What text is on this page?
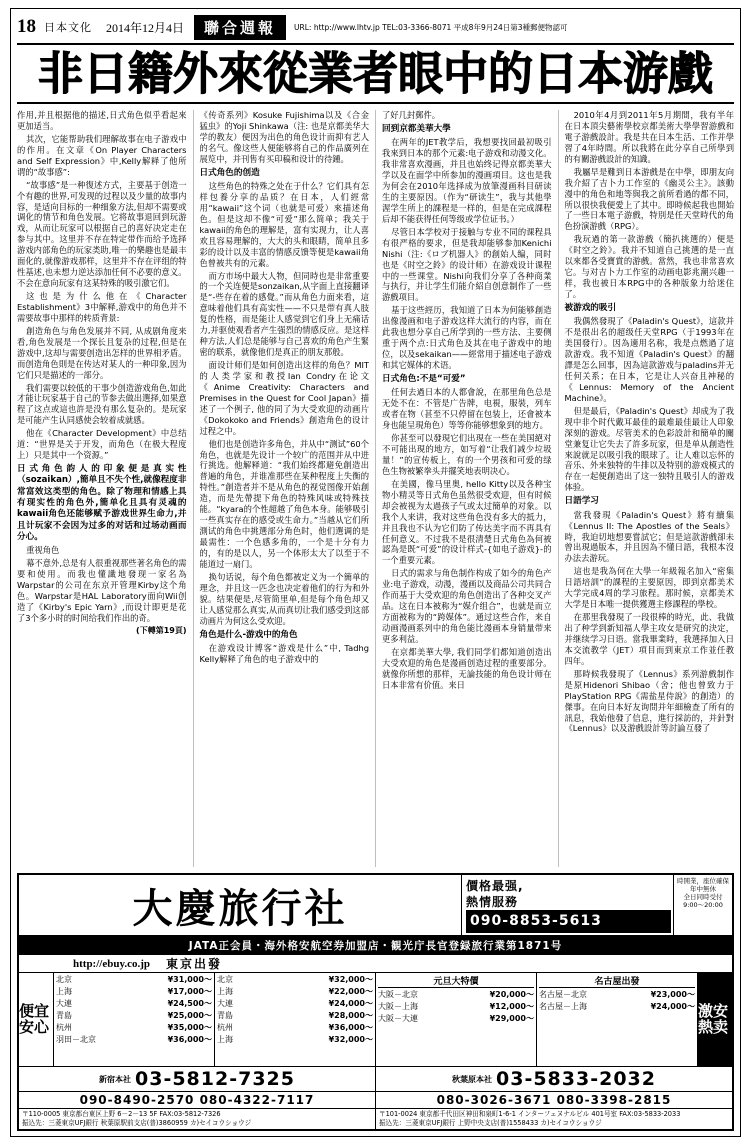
18 日本文化	2014年12月4日	聯合週報	URL: http://www.lhtv.jp TEL:03-3366-8071 平成8年9月24日第3種郵便物認可
非日籍外來從業者眼中的日本游戲

2010年4月到2011年5月期間，我有半年在日本頂尖藝術學校京都美術大學學習游戲和電子游戲設計。我是共在日本生活、工作并學習了4年時間。所以我將在此分享自己所學到的有關游戲設計的知識。

我屬早是難到日本游戲是在中學，即朋友向我介紹了吉卜力工作室的《幽灵公主》。該動漫中的角色和地等與我之前所看過的都不同，所以很快我便愛上了其中。即時候起我也開始了一些日本電子游戲，特別是任天堂時代的角色扮演游戲（RPG）。

我玩過的第一款游戲（簡扒挑選的）便是《时空之鈴》。我并不知道自己挑選的是一直以來都各受寶賞的游戲。當然，我也非常喜欢它。与对吉卜力工作室的动画电影兆潮兴趣一样，我也被日本RPG中的各种版象力给迷住了。

被游戏的吸引

我偶然發現了《Paladin's Quest》，這款并不是很出名的超级任天堂RPG（于1993年在美国發行）。因為適用名称，我是点燃過了這款游戏。我不知道《Paladin's Quest》的翻譯是怎么回事，因為這款游戏与paladins并无任何关系；在日本，它是让人兴奋且神秘的《Lennus: Memory of the Ancient Machine》。

但是最后，《Paladin's Quest》却成为了我现中非个时代戴耳最佳的最难最佳最让人印象深刻的游戏。尽管美术的色彩設計和簡单的關堂兼复让它失去了許多玩家，但是单从創造性來說就足以吸引我的眼球了。让人难以忘怀的音乐、外来独特的牛排以及特别的游戏模式的存在一起便創造出了这一独特且吸引人的游戏体验。

日語学习

當我發現《Paladin's Quest》將有續集《Lennus II: The Apostles of the Seals》時，我迫切地想要嘗試它；但是這款游戲卻未曾出現過版本，并且因為不懂日語，我根本沒办法去游玩。

這也是我為何在大學一年級報名加入“密集日語培訓”的課程的主要原因，即到京都美术大学完成4周的学习旅程。那时候，京都美术大学是日本唯一提供獲選主修課程的學校。

在那里我發現了一段很棒的時光，此、我做出了种学到新知福人學主攻女是研究的決定，并继续学习日语。當我畢業時，我選择加入日本交流教学（JET）項目而到東京工作並任教四年。

那時候我發現了《Lennus》系列游戲制作是原Hidenori Shibao（舍；他也曾致力于PlayStation RPG《需盐星侍說》的創造）的傑事。在向日本好友询問并年細檢查了所有的訊息，我始他發了信息，進行採訪的，并針對《Lennus》以及游戲設計等討論互發了

了好几封郵件。

回到京都美華大學

在两年的JET教学后，我想要找回最初吸引我來到日本的那个元素:电子游戏和动漫文化。我非常喜欢漫画，并且也始终记得京都美華大学以及在面学中所参加的漫画項目。这也是我为何会在2010年选择成为放筆漫画科目研读生的主要原因。（作为“研读生”，我与其他學渥学生所上的課程是一样的，但是在完成課程后却不能获得任何等级或学位证书。）

尽管日本学校对于接触与专业不同的课程具有很严格的要求，但是我却能够参加Kenichi Nishi（注:《ロブ机器人》的創始人编，同时也是《时空之鈴》的设计师）在游戏设计课程中的一些课堂。Nishi向我们分享了各种商業与执行，并让学生们能介紹自创意制作了一些游戲项目。

基于这些經历，我知道了日本为何能够創造出像漫画和电子游戏这样大流行的内容，而在此我也想分享自己所学到的一些方法、主要侧重于两个点:日式角色及其在电子游戏中的地位，以及sekaikan——經常用于描述电子游戏和其它媒体的术语。

日式角色:不是“可爱”

任何去過日本的人都會說，在那里角色总是无处不在：不管是广告牌，电視，服裝，列车或者在物（甚至不只停留在包装上，还會被本身也能呈現角色）等等你能够想象到的地方。

你甚至可以發現它们出現在一些在美国絕对不可能出現的地方，如写着“让我们减少垃圾量！”的宣传板上，有的一个男孩和可爱的绿色生物被繁拳头并擺笑地表明决心。

在美國，像马里奥, hello Kitty以及各种宝物小精灵等日式角色虽然很受欢迎，但有时候却会被视为太過孩子气或太过簡单的对象。以我个人来讲，我对这些角色没有多大的抵力，并且我也不认为它们防了传达美字而不再具有任何意义。不过我不是很清楚日式角色為何被認為是既“可爱”的设计样式-{如电子游戏}-的一个重要元素。

日式的需求与角色制作构成了如今的角色产业:电子游戏，动漫，漫画以及商品公司共同合作而基于大受欢迎的角色创造出了各种交叉产品。这在日本被称为“媒介组合”，也就是而立方面被称为的“跨媒体”。通过这些合作，来自动画漫画系列中的角色能比漫画本身销量带来更多利益。

在京都美華大學, 我们同学们都知道创造出大受欢迎的角色是漫画创造过程的重要部分。就像你所想的那样，无論技能的角色设计师在日本非常有价值。来日

《传奇系列》Kosuke Fujishima以及《合金猛虫》的Yoji Shinkawa（注: 也是京都美华大学的教友）便因为出色的角色设计而抑有艺人的名气。像这些人便能够将自己的作品廣列在展览中，并刊售有买印稿和设计的待鍾。

日式角色的创造

这些角色的特殊之处在于什么？它们具有怎样包養分享的品质？在日本，人们經常用“kawaii”这个词（也就是可爱）來描述角色。但是这却不像“可爱”那么简单；我关于kawaii的角色的理解是，富有实现力，让人喜欢且容易理解的，大大的头和眼睛，简单且多彩的设计以及丰富的情感反馈等便是kawaii角色曾被共有的元素。

而方市场中最大人物，但同時也是非常重要的一个关连便是sonzaikan,从字面上直接翻译是“-些存在着的感覺。”而从角色力面来看，這意味着他们具有高实性——不只是带有真人肢复的性格，而是能让人感觉到它们身上无痛话力,并驱使观看者产生强烈的情感反应。是这样种方法,人们总是能够与自己喜欢的角色产生緊密的联系，就像他们是真正的朋友那般。

面设计师们是如何创造出这样的角色？MIT的人类学家和教授Ian Condry在论文《Anime Creativity: Characters and Premises in the Quest for Cool Japan》描述了一个例子, 他的同了为大受欢迎的动画片《Dokokoko and Friends》創造角色的设计过程之中。

他们也是创造许多角色，并从中“测试”60个角色，也就是先设计一个较广的范围并从中进行挑选。他解释道：“我们始终都避免創造出普遍的角色，并谁准那些在某种程度上失衡的特性。”創造者并不是从角色的视觉图像开始創造，而是先帶提下角色的特殊风味或特殊技能。“kyara的个性超越了角色本身。能够吸引一些真实存在的感受或生命力。”当越从它们所測试的角色中挑選部分角色时，他们選调的是最需性：一个色感多角的，一个是十分有力的，有的是以人，另一个体形太大了以至于不能道过一扇门。

换句话说，每个角色都被定义为一个簡单的理念，并且这一匹念也决定着他们的行为和外貌。结果便是,尽管简里单,但是每个角色却又让人感觉那么真实,从而真切让我们感受到这部动画片为何这么受欢迎。

角色是什么-游戏中的角色

在游戏设计博客“游戏是什么”中, Tadhg Kelly解释了角色的电子游戏中的

作用,并且根据他的描述,日式角色似乎看起來更加适当。

其次，它能帮助我们理解故事在电子游戏中的作用。在文章《On Player Characters and Self Expression》中,Kelly解释了他所谓的“故事感”:

“故事感”是一种復述方式，主要基于创造一个有趣的世界,可发现的过程以及少量的故事内容，是适向目标的一种细象方法,但却不需要或调化的情节和角色发展。它将故事退回到玩游戏，从而让玩家可以根据自己的喜好决定走在参与其中。这里并不存在特定带作而给予选择游戏内部角色的玩家类助,唯一的樂趣也是最丰面化的,就像游戏那样，这里并不存在评组的特性基述,也未想力逆达添加任何不必要的意义。不会在意向玩家有这某特殊的吸引激它们。

这也是为什么他在《Character Establishment》3中解释,游戏中的角色并不需要故事中那样的转质背景:

創造角色与角色发展并不同, 从成剧角度来看,角色发展是一个探长且复杂的过程,但是在游戏中,这却与需要创造出怎样的世界相矛盾。而创造角色則是在传达对某人的一种印象,因为它们只是描述的一部分。

我们需要以较低的干事少创造游戏角色,如此才能让玩家基于自己的节参去做出選择,如果意程了这点或這也許是没有那么复杂的。是玩家是可能产生认同感使会较着成就感。

他在《Character Development》中总结道：“世界是关于开发，而角色（在极大程度上）只是其中一个资源。”

日式角色韵人的印象便是真实性（sozaikan）,簡单且不失个性,就像程度非常富效这类型的角色。除了物理和情感上具有现实性的角色外,簡单化且具有灵魂的kawaii角色还能够赋予游戏世界生命力,并且计玩家不会因为过多的对话和过场动画而分心。

重视角色

幕不意外,总是有人很重视那些著名角色的需要和使用。而我也懂識地發现一家名為Warpstar的公司在东京开管理Kirby这个角色。Warpstar是HAL Laboratory面向Wii创造了《Kirby's Epic Yarn》,而设计即更是花了3个多小时的时间给我们作出的奇。

(下轉第19頁)
大慶旅行社	價格最强,
熱情服務
090-8853-5613
時開業，座位確保
年中無休
全日同時受付
9:00〜20:00
JATA正会員・海外格安航空券加盟店・観光庁長官登録旅行業第1871号
http://ebuy.co.jp	東京出發
便宜安心
北京	¥31,000〜
上海	¥17,000〜
大連	¥24,500〜
青島	¥25,000〜
杭州	¥35,000〜
羽田－北京	¥36,000〜
北京	¥32,000〜
上海	¥22,000〜
大連	¥24,000〜
青島	¥28,000〜
杭州	¥36,000〜
上海	¥32,000〜
元旦大特價
大阪－北京	¥20,000〜
大阪－上海	¥12,000〜
大阪－大連	¥29,000〜
名古屋出發
名古屋－北京	¥23,000〜
名古屋－上海	¥24,000〜 激安熱卖
新宿本社 03-5812-7325	秋葉原本社 03-5833-2032
090-8490-2570 080-4322-7117	080-3026-3671 080-3398-2815
〒110-0005 東京都台東区上野 6－2－13 5F FAX:03-5812-7326
振込先：三菱東京UFJ銀行 秋葉原駅前支店(普)3860959 カ)セイコウショウジ
〒101-0024 東京都千代田区神田和泉町1-6-1 インターフェヌナルビル 401号室 FAX:03-5833-2033
振込先：三菱東京UFJ銀行 上野中央支店(普)1558433 カ)セイコウショウジ
